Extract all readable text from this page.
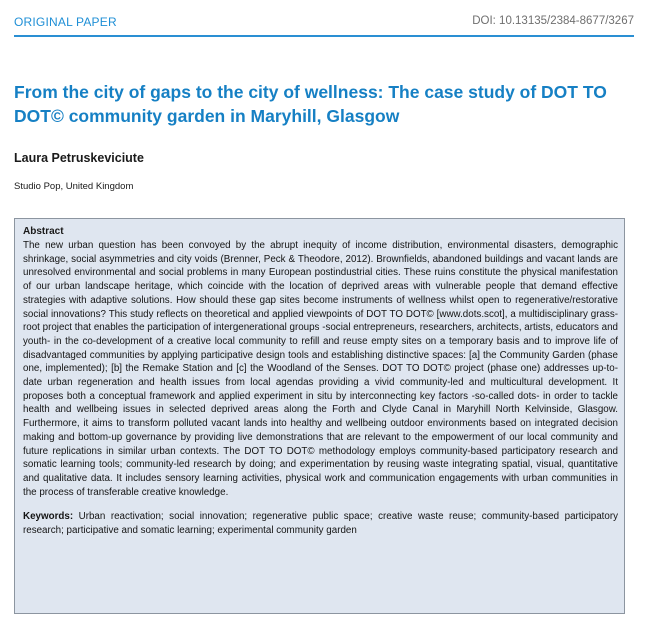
ORIGINAL PAPER	DOI: 10.13135/2384-8677/3267
From the city of gaps to the city of wellness: The case study of DOT TO DOT© community garden in Maryhill, Glasgow

Laura Petruskeviciute

Studio Pop, United Kingdom

Abstract

The new urban question has been convoyed by the abrupt inequity of income distribution, environmental disasters, demographic shrinkage, social asymmetries and city voids (Brenner, Peck & Theodore, 2012). Brownfields, abandoned buildings and vacant lands are unresolved environmental and social problems in many European postindustrial cities. These ruins constitute the physical manifestation of our urban landscape heritage, which coincide with the location of deprived areas with vulnerable people that demand effective strategies with adaptive solutions. How should these gap sites become instruments of wellness whilst open to regenerative/restorative social innovations? This study reflects on theoretical and applied viewpoints of DOT TO DOT© [www.dots.scot], a multidisciplinary grass-root project that enables the participation of intergenerational groups -social entrepreneurs, researchers, architects, artists, educators and youth- in the co-development of a creative local community to refill and reuse empty sites on a temporary basis and to improve life of disadvantaged communities by applying participative design tools and establishing distinctive spaces: [a] the Community Garden (phase one, implemented); [b] the Remake Station and [c] the Woodland of the Senses. DOT TO DOT© project (phase one) addresses up-to-date urban regeneration and health issues from local agendas providing a vivid community-led and multicultural development. It proposes both a conceptual framework and applied experiment in situ by interconnecting key factors -so-called dots- in order to tackle health and wellbeing issues in selected deprived areas along the Forth and Clyde Canal in Maryhill North Kelvinside, Glasgow. Furthermore, it aims to transform polluted vacant lands into healthy and wellbeing outdoor environments based on integrated decision making and bottom-up governance by providing live demonstrations that are relevant to the empowerment of our local community and future replications in similar urban contexts. The DOT TO DOT© methodology employs community-based participatory research and somatic learning tools; community-led research by doing; and experimentation by reusing waste integrating spatial, visual, quantitative and qualitative data. It includes sensory learning activities, physical work and communication engagements with urban communities in the process of transferable creative knowledge.

Keywords: Urban reactivation; social innovation; regenerative public space; creative waste reuse; community-based participatory research; participative and somatic learning; experimental community garden
